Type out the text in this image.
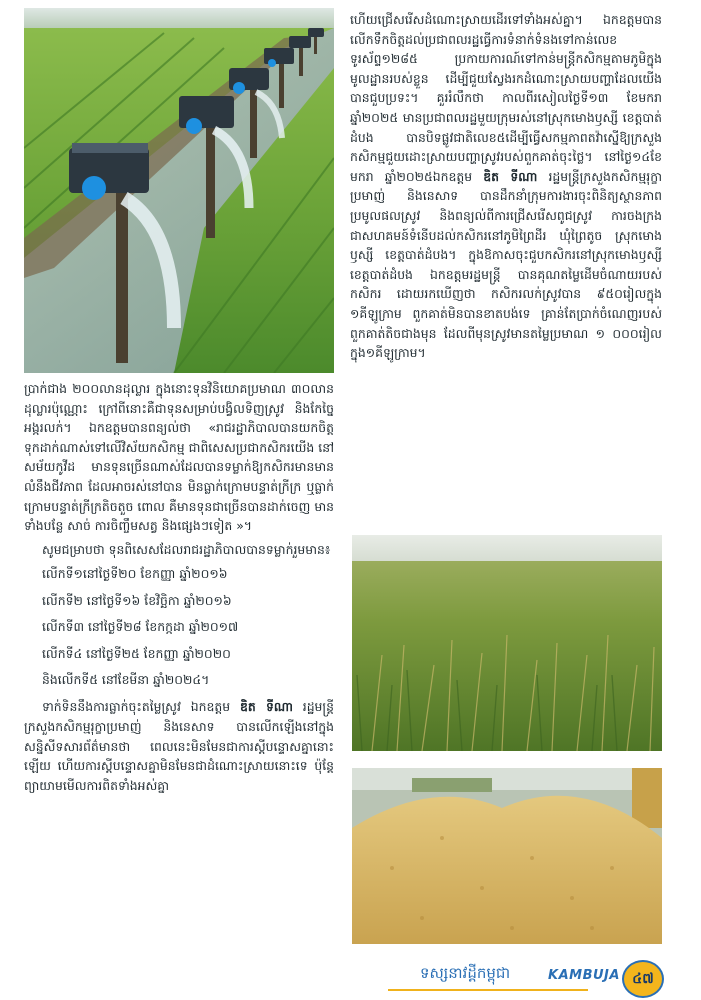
ប្រាក់ជាង ២០០លានដុល្លារ ក្នុងនោះទុនវិនិយោគប្រមាណ ៣០លានដុល្លារប៉ុណ្ណោះ ក្រៅពីនោះគឺជាទុនសម្រាប់បង្វិលទិញស្រូវ និងកែច្នៃអង្ករលក់។ ឯកឧត្តមបានពន្យល់ថា «រាជរដ្ឋាភិបាលបានយកចិត្តទុកដាក់ណាស់ទៅលើវិស័យកសិកម្ម ជាពិសេសប្រជាកសិករយើង នៅសម័យកូវីដ មានទុនច្រើនណាស់ដែលបានទម្លាក់ឱ្យកសិករមានមានលំនឹងជីវភាព ដែលអាចរស់នៅបាន មិនធ្លាក់ក្រោមបន្ទាត់ក្រីក្រ ឬធ្លាក់ក្រោមបន្ទាត់ក្រីក្រតិចតួច ពោល គឺមានទុនជាច្រើនបានដាក់ចេញ មានទាំងបន្លែ សាច់ ការចិញ្ចឹមសត្វ និងផ្សេងៗទៀត »។

សូមជម្រាបថា ទុនពិសេសដែលរាជរដ្ឋាភិបាលបានទម្លាក់រួមមាន៖

លើកទី១នៅថ្ងៃទី២០ ខែកញ្ញា ឆ្នាំ២០១៦
លើកទី២ នៅថ្ងៃទី១៦ ខែវិច្ឆិកា ឆ្នាំ២០១៦
លើកទី៣ នៅថ្ងៃទី២៨ ខែកក្កដា ឆ្នាំ២០១៧
លើកទី៤ នៅថ្ងៃទី២៥ ខែកញ្ញា ឆ្នាំ២០២០
និងលើកទី៥ នៅខែមីនា ឆ្នាំ២០២៤។

ទាក់ទិននឹងការធ្លាក់ចុះតម្លៃស្រូវ ឯកឧត្តម ឌិត ទីណា រដ្ឋមន្ត្រីក្រសួងកសិកម្មរុក្ខាប្រមាញ់ និងនេសាទ បានលើកឡើងនៅក្នុងសន្និសីទសារព័ត៌មានថា ពេលនេះមិនមែនជាការស្តីបន្ទោសគ្នានោះឡើយ ហើយការស្តីបន្ទោសគ្នាមិនមែនជាដំណោះស្រាយនោះទេ ប៉ុន្តែព្យាយាមមើលការពិតទាំងអស់គ្នា

ហើយជ្រើសរើសដំណោះស្រាយដើរទៅទាំងអស់គ្នា។ ឯកឧត្តមបានលើកទឹកចិត្តដល់ប្រជាពលរដ្ឋធ្វើការទំនាក់ទំនងទៅកាន់លេខទូរស័ព្ទ១២៨៥ ប្រកាយការណ៍ទៅកាន់មន្ត្រីកសិកម្មតាមភូមិក្នុងមូលដ្ឋានរបស់ខ្លួន ដើម្បីជួយស្វែងរកដំណោះស្រាយបញ្ហាដែលយើងបានជួបប្រទះ។ គួររំលឹកថា កាលពីរសៀលថ្ងៃទី១៣ ខែមករា ឆ្នាំ២០២៥ មានប្រជាពលរដ្ឋមួយក្រុមរស់នៅស្រុកមោងឫស្សី ខេត្តបាត់ដំបង បានបិទផ្លូវជាតិលេខ៥ដើម្បីធ្វើសកម្មភាពតវ៉ាស្នើឱ្យក្រសួងកសិកម្មជួយដោះស្រាយបញ្ហាស្រូវរបស់ពួកគាត់ចុះថ្លៃ។ នៅថ្ងៃ១៤ខែមករា ឆ្នាំ២០២៥ឯកឧត្តម ឌិត ទីណា រដ្ឋមន្ត្រីក្រសួងកសិកម្មរុក្ខាប្រមាញ់ និងនេសាទ បានដឹកនាំក្រុមការងារចុះពិនិត្យស្ថានភាពប្រមូលផលស្រូវ និងពន្យល់ពីការជ្រើសរើសពូជស្រូវ ការចងក្រងជាសហគមន៍ទំនើបដល់កសិករនៅភូមិព្រៃដីរ ឃុំព្រៃតូច ស្រុកមោងឫស្សី ខេត្តបាត់ដំបង។ ក្នុងឱកាសចុះជួបកសិករនៅស្រុកមោងឫស្សី ខេត្តបាត់ដំបង ឯកឧត្តមរដ្ឋមន្ត្រី បានគុណតម្លៃដើមចំណាយរបស់កសិករ ដោយរកឃើញថា កសិករលក់ស្រូវបាន ៩៥០រៀលក្នុង ១គីឡូក្រាម ពួកគាត់មិនបានខាតបង់ទេ គ្រាន់តែប្រាក់ចំណេញរបស់ពួកគាត់តិចជាងមុន ដែលពីមុនស្រូវមានតម្លៃប្រមាណ ១ ០០០រៀលក្នុង១គីឡូក្រាម។

ទស្សនាវដ្តីកម្ពុជា	KAMBUJA ៤៧
